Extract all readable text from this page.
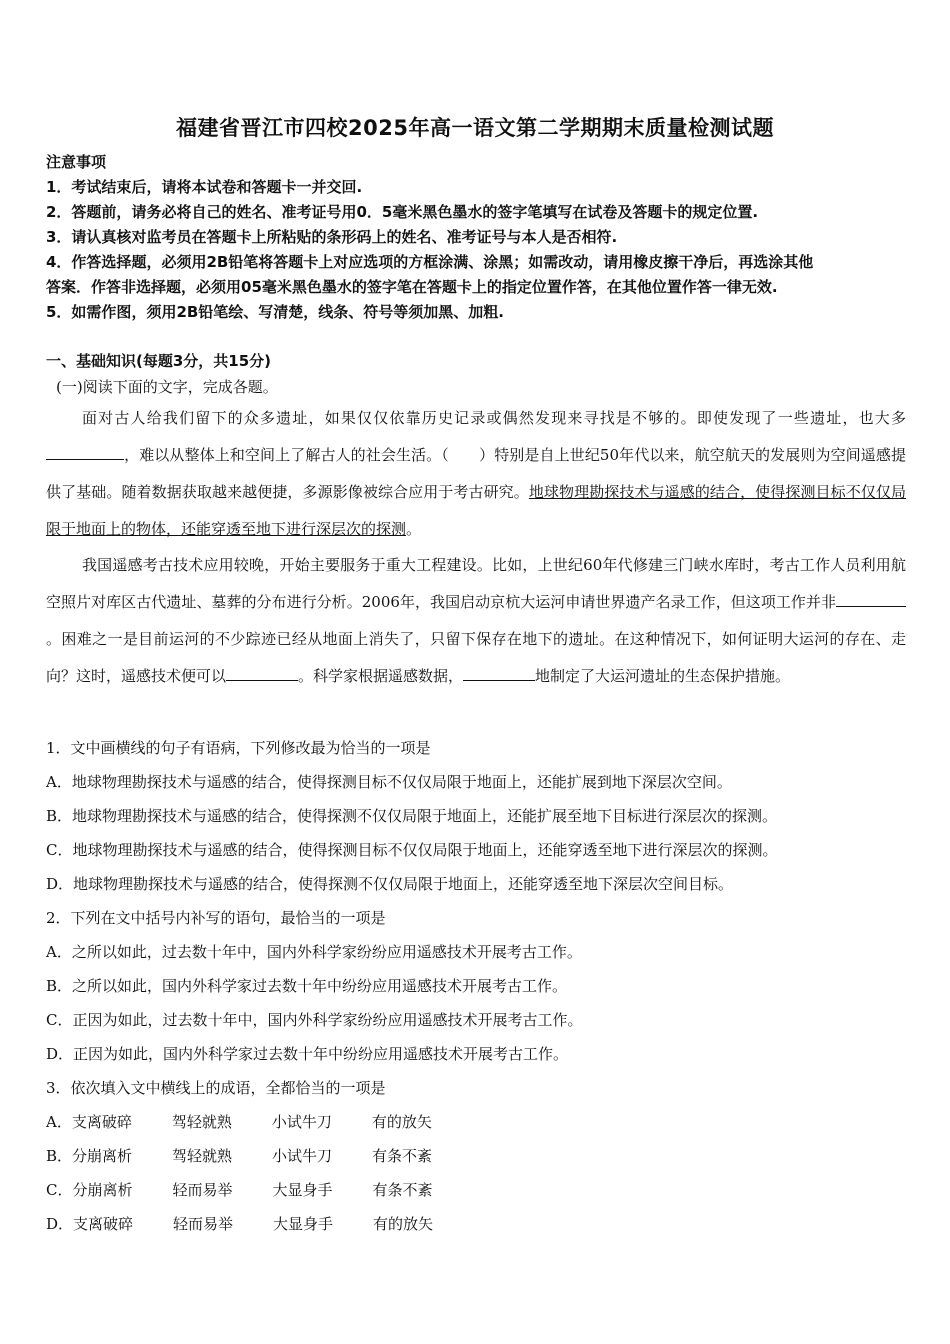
福建省晋江市四校2025年高一语文第二学期期末质量检测试题
注意事项
1．考试结束后，请将本试卷和答题卡一并交回.
2．答题前，请务必将自己的姓名、准考证号用0．5毫米黑色墨水的签字笔填写在试卷及答题卡的规定位置.
3．请认真核对监考员在答题卡上所粘贴的条形码上的姓名、准考证号与本人是否相符.
4．作答选择题，必须用2B铅笔将答题卡上对应选项的方框涂满、涂黑；如需改动，请用橡皮擦干净后，再选涂其他
答案．作答非选择题，必须用05毫米黑色墨水的签字笔在答题卡上的指定位置作答，在其他位置作答一律无效.
5．如需作图，须用2B铅笔绘、写清楚，线条、符号等须加黑、加粗.
一、基础知识(每题3分，共15分)
(一)阅读下面的文字，完成各题。
面对古人给我们留下的众多遗址，如果仅仅依靠历史记录或偶然发现来寻找是不够的。即使发现了一些遗址，也大多，难以从整体上和空间上了解古人的社会生活。（　　）特别是自上世纪50年代以来，航空航天的发展则为空间遥感提供了基础。随着数据获取越来越便捷，多源影像被综合应用于考古研究。地球物理勘探技术与遥感的结合，使得探测目标不仅仅局限于地面上的物体，还能穿透至地下进行深层次的探测。
我国遥感考古技术应用较晚，开始主要服务于重大工程建设。比如，上世纪60年代修建三门峡水库时，考古工作人员利用航空照片对库区古代遗址、墓葬的分布进行分析。2006年，我国启动京杭大运河申请世界遗产名录工作，但这项工作并非。困难之一是目前运河的不少踪迹已经从地面上消失了，只留下保存在地下的遗址。在这种情况下，如何证明大运河的存在、走向？这时，遥感技术便可以	。科学家根据遥感数据，	地制定了大运河遗址的生态保护措施。
1．文中画横线的句子有语病，下列修改最为恰当的一项是
A．地球物理勘探技术与遥感的结合，使得探测目标不仅仅局限于地面上，还能扩展到地下深层次空间。
B．地球物理勘探技术与遥感的结合，使得探测不仅仅局限于地面上，还能扩展至地下目标进行深层次的探测。
C．地球物理勘探技术与遥感的结合，使得探测目标不仅仅局限于地面上，还能穿透至地下进行深层次的探测。
D．地球物理勘探技术与遥感的结合，使得探测不仅仅局限于地面上，还能穿透至地下深层次空间目标。
2．下列在文中括号内补写的语句，最恰当的一项是
A．之所以如此，过去数十年中，国内外科学家纷纷应用遥感技术开展考古工作。
B．之所以如此，国内外科学家过去数十年中纷纷应用遥感技术开展考古工作。
C．正因为如此，过去数十年中，国内外科学家纷纷应用遥感技术开展考古工作。
D．正因为如此，国内外科学家过去数十年中纷纷应用遥感技术开展考古工作。
3．依次填入文中横线上的成语，全都恰当的一项是
A．支离破碎	驾轻就熟	小试牛刀	有的放矢
B．分崩离析	驾轻就熟	小试牛刀	有条不紊
C．分崩离析	轻而易举	大显身手	有条不紊
D．支离破碎	轻而易举	大显身手	有的放矢
